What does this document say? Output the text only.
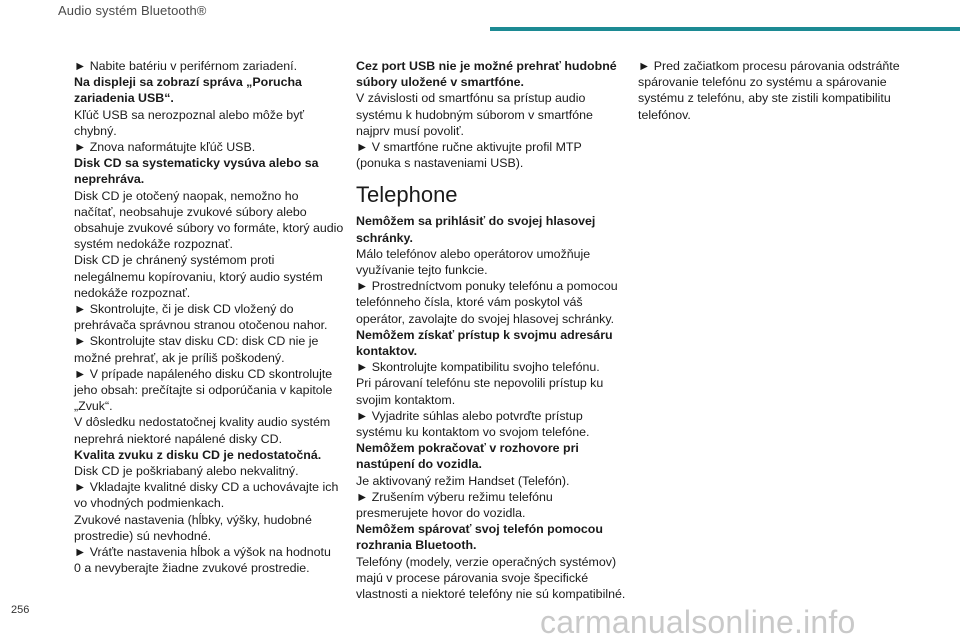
Audio systém Bluetooth®
► Nabite batériu v periférnom zariadení.
Na displeji sa zobrazí správa „Porucha
zariadenia USB“.
Kľúč USB sa nerozpoznal alebo môže byť
chybný.
► Znova naformátujte kľúč USB.
Disk CD sa systematicky vysúva alebo sa
neprehráva.
Disk CD je otočený naopak, nemožno ho
načítať, neobsahuje zvukové súbory alebo
obsahuje zvukové súbory vo formáte, ktorý audio
systém nedokáže rozpoznať.
Disk CD je chránený systémom proti
nelegálnemu kopírovaniu, ktorý audio systém
nedokáže rozpoznať.
► Skontrolujte, či je disk CD vložený do
prehrávača správnou stranou otočenou nahor.
► Skontrolujte stav disku CD: disk CD nie je
možné prehrať, ak je príliš poškodený.
► V prípade napáleného disku CD skontrolujte
jeho obsah: prečítajte si odporúčania v kapitole
„Zvuk“.
V dôsledku nedostatočnej kvality audio systém
neprehrá niektoré napálené disky CD.
Kvalita zvuku z disku CD je nedostatočná.
Disk CD je poškriabaný alebo nekvalitný.
► Vkladajte kvalitné disky CD a uchovávajte ich
vo vhodných podmienkach.
Zvukové nastavenia (hĺbky, výšky, hudobné
prostredie) sú nevhodné.
► Vráťte nastavenia hĺbok a výšok na hodnotu
0 a nevyberajte žiadne zvukové prostredie.
Cez port USB nie je možné prehrať hudobné
súbory uložené v smartfóne.
V závislosti od smartfónu sa prístup audio
systému k hudobným súborom v smartfóne
najprv musí povoliť.
► V smartfóne ručne aktivujte profil MTP
(ponuka s nastaveniami USB).
Telephone
Nemôžem sa prihlásiť do svojej hlasovej
schránky.
Málo telefónov alebo operátorov umožňuje
využívanie tejto funkcie.
► Prostredníctvom ponuky telefónu a pomocou
telefónneho čísla, ktoré vám poskytol váš
operátor, zavolajte do svojej hlasovej schránky.
Nemôžem získať prístup k svojmu adresáru
kontaktov.
► Skontrolujte kompatibilitu svojho telefónu.
Pri párovaní telefónu ste nepovolili prístup ku
svojim kontaktom.
► Vyjadrite súhlas alebo potvrďte prístup
systému ku kontaktom vo svojom telefóne.
Nemôžem pokračovať v rozhovore pri
nastúpení do vozidla.
Je aktivovaný režim Handset (Telefón).
► Zrušením výberu režimu telefónu
presmerujete hovor do vozidla.
Nemôžem spárovať svoj telefón pomocou
rozhrania Bluetooth.
Telefóny (modely, verzie operačných systémov)
majú v procese párovania svoje špecifické
vlastnosti a niektoré telefóny nie sú kompatibilné.
► Pred začiatkom procesu párovania odstráňte
spárovanie telefónu zo systému a spárovanie
systému z telefónu, aby ste zistili kompatibilitu
telefónov.
256	carmanualsonline.info
